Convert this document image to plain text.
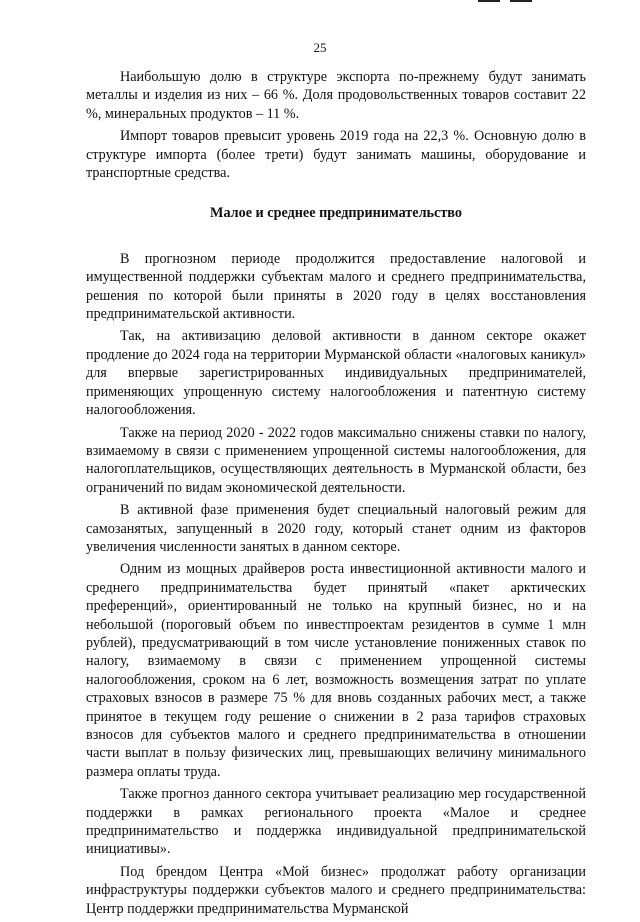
25

Наибольшую долю в структуре экспорта по-прежнему будут занимать металлы и изделия из них – 66 %. Доля продовольственных товаров составит 22 %, минеральных продуктов – 11 %.

Импорт товаров превысит уровень 2019 года на 22,3 %. Основную долю в структуре импорта (более трети) будут занимать машины, оборудование и транспортные средства.

Малое и среднее предпринимательство

В прогнозном периоде продолжится предоставление налоговой и имущественной поддержки субъектам малого и среднего предпринимательства, решения по которой были приняты в 2020 году в целях восстановления предпринимательской активности.

Так, на активизацию деловой активности в данном секторе окажет продление до 2024 года на территории Мурманской области «налоговых каникул» для впервые зарегистрированных индивидуальных предпринимателей, применяющих упрощенную систему налогообложения и патентную систему налогообложения.

Также на период 2020 - 2022 годов максимально снижены ставки по налогу, взимаемому в связи с применением упрощенной системы налогообложения, для налогоплательщиков, осуществляющих деятельность в Мурманской области, без ограничений по видам экономической деятельности.

В активной фазе применения будет специальный налоговый режим для самозанятых, запущенный в 2020 году, который станет одним из факторов увеличения численности занятых в данном секторе.

Одним из мощных драйверов роста инвестиционной активности малого и среднего предпринимательства будет принятый «пакет арктических преференций», ориентированный не только на крупный бизнес, но и на небольшой (пороговый объем по инвестпроектам резидентов в сумме 1 млн рублей), предусматривающий в том числе установление пониженных ставок по налогу, взимаемому в связи с применением упрощенной системы налогообложения, сроком на 6 лет, возможность возмещения затрат по уплате страховых взносов в размере 75 % для вновь созданных рабочих мест, а также принятое в текущем году решение о снижении в 2 раза тарифов страховых взносов для субъектов малого и среднего предпринимательства в отношении части выплат в пользу физических лиц, превышающих величину минимального размера оплаты труда.

Также прогноз данного сектора учитывает реализацию мер государственной поддержки в рамках регионального проекта «Малое и среднее предпринимательство и поддержка индивидуальной предпринимательской инициативы».

Под брендом Центра «Мой бизнес» продолжат работу организации инфраструктуры поддержки субъектов малого и среднего предпринимательства: Центр поддержки предпринимательства Мурманской
